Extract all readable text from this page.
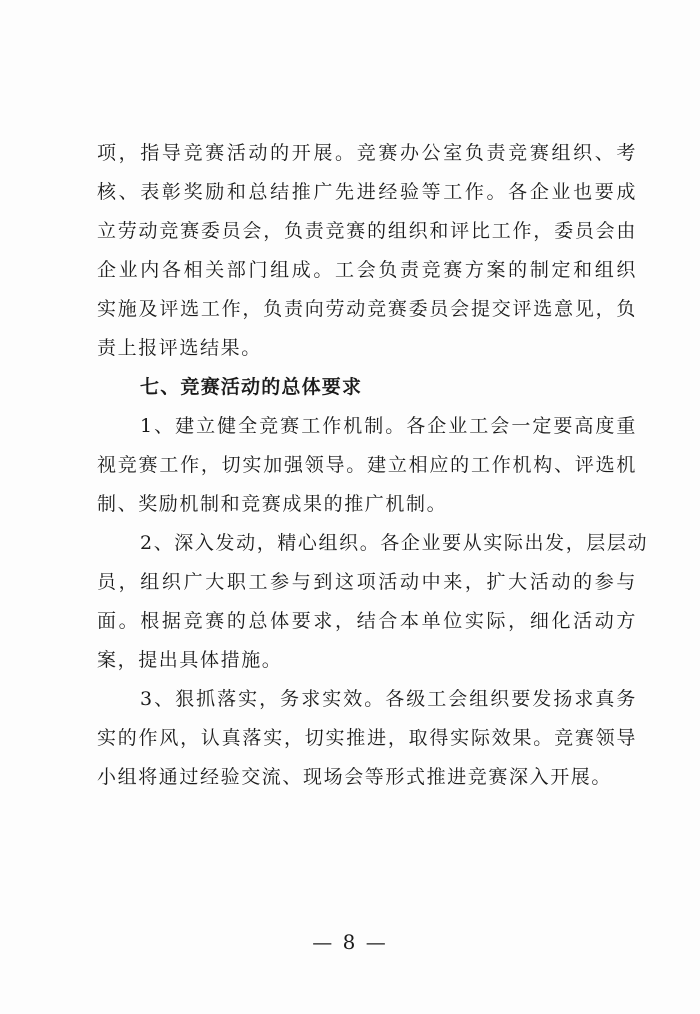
项，指导竞赛活动的开展。竞赛办公室负责竞赛组织、考
核、表彰奖励和总结推广先进经验等工作。各企业也要成
立劳动竞赛委员会，负责竞赛的组织和评比工作，委员会由
企业内各相关部门组成。工会负责竞赛方案的制定和组织
实施及评选工作，负责向劳动竞赛委员会提交评选意见，负
责上报评选结果。
七、竞赛活动的总体要求
1、建立健全竞赛工作机制。各企业工会一定要高度重
视竞赛工作，切实加强领导。建立相应的工作机构、评选机
制、奖励机制和竞赛成果的推广机制。
2、深入发动，精心组织。各企业要从实际出发，层层动
员，组织广大职工参与到这项活动中来，扩大活动的参与
面。根据竞赛的总体要求，结合本单位实际，细化活动方
案，提出具体措施。
3、狠抓落实，务求实效。各级工会组织要发扬求真务
实的作风，认真落实，切实推进，取得实际效果。竞赛领导
小组将通过经验交流、现场会等形式推进竞赛深入开展。
— 8 —
